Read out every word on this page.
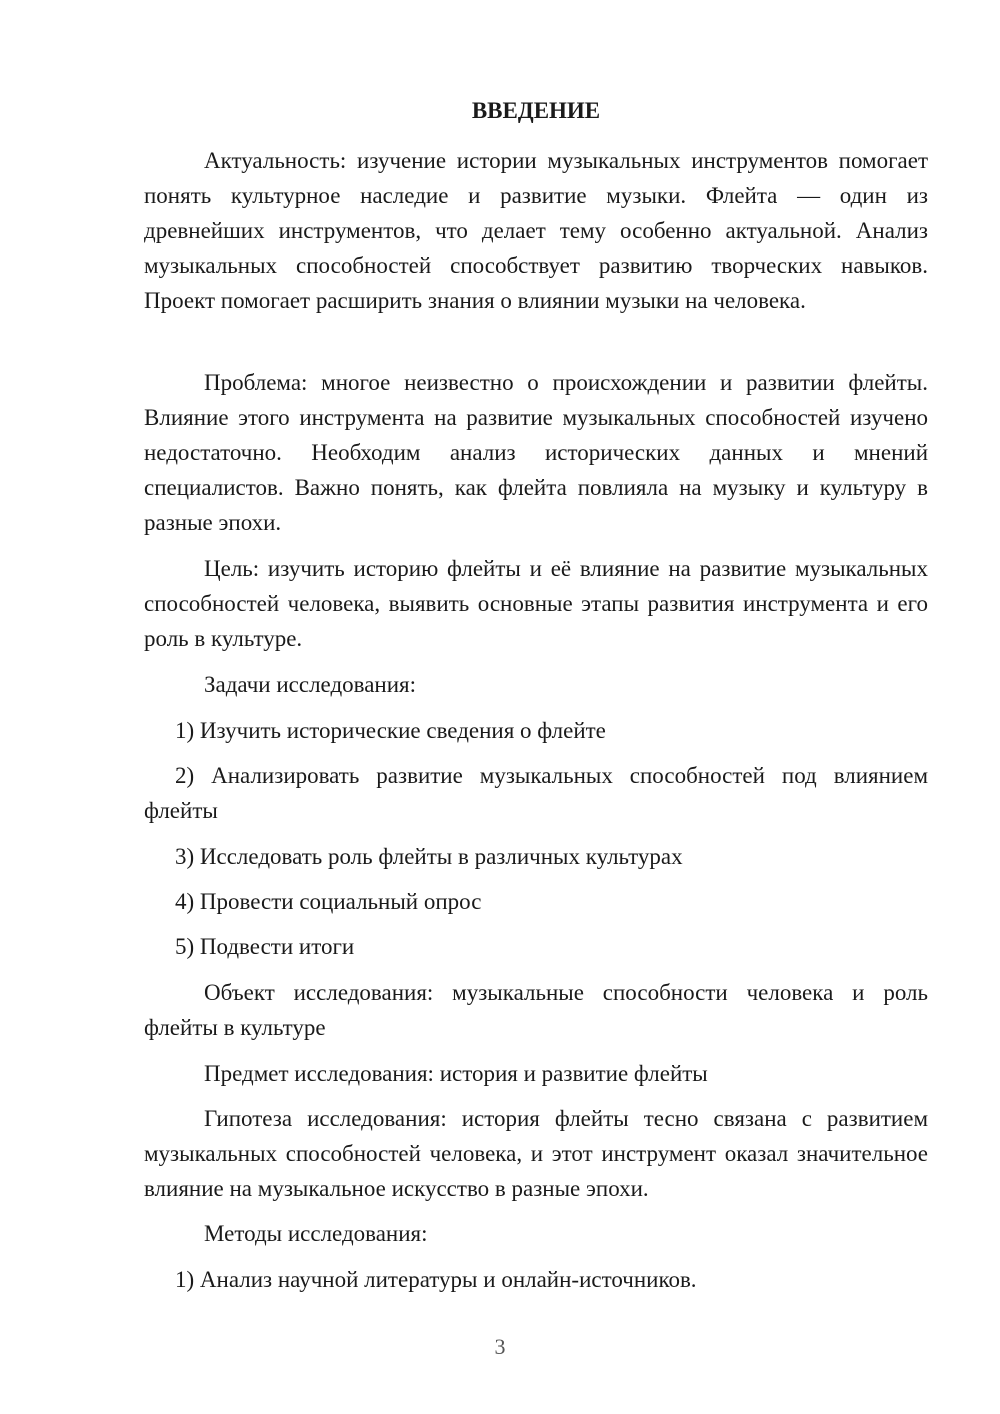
ВВЕДЕНИЕ

Актуальность: изучение истории музыкальных инструментов помогает понять культурное наследие и развитие музыки. Флейта — один из древнейших инструментов, что делает тему особенно актуальной. Анализ музыкальных способностей способствует развитию творческих навыков. Проект помогает расширить знания о влиянии музыки на человека.

Проблема: многое неизвестно о происхождении и развитии флейты. Влияние этого инструмента на развитие музыкальных способностей изучено недостаточно. Необходим анализ исторических данных и мнений специалистов. Важно понять, как флейта повлияла на музыку и культуру в разные эпохи.

Цель: изучить историю флейты и её влияние на развитие музыкальных способностей человека, выявить основные этапы развития инструмента и его роль в культуре.

Задачи исследования:

1) Изучить исторические сведения о флейте

2) Анализировать развитие музыкальных способностей под влиянием флейты

3) Исследовать роль флейты в различных культурах

4) Провести социальный опрос

5) Подвести итоги

Объект исследования: музыкальные способности человека и роль флейты в культуре

Предмет исследования: история и развитие флейты

Гипотеза исследования: история флейты тесно связана с развитием музыкальных способностей человека, и этот инструмент оказал значительное влияние на музыкальное искусство в разные эпохи.

Методы исследования:

1) Анализ научной литературы и онлайн-источников.

3
